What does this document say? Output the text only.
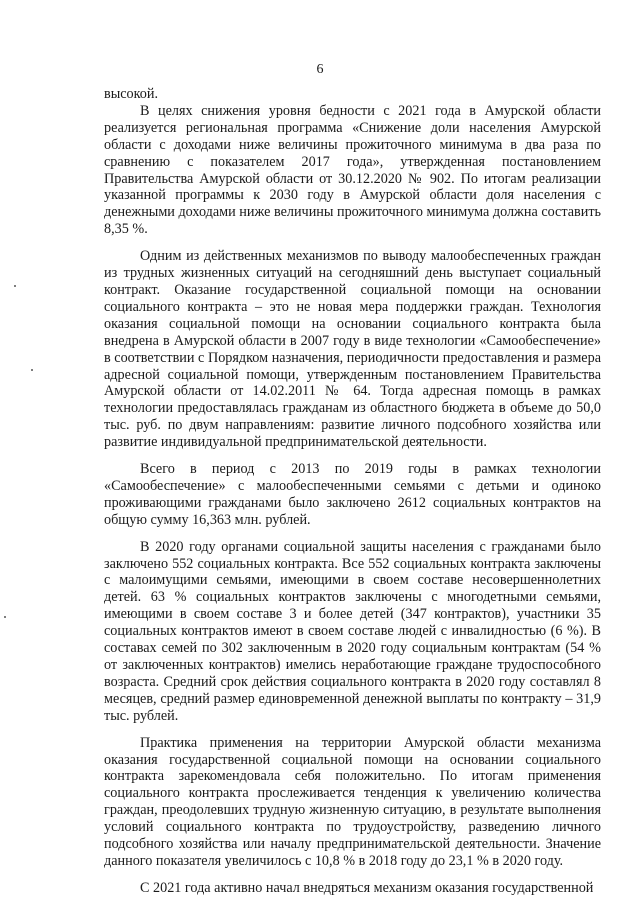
6

высокой.

В целях снижения уровня бедности с 2021 года в Амурской области реализуется региональная программа «Снижение доли населения Амурской области с доходами ниже величины прожиточного минимума в два раза по сравнению с показателем 2017 года», утвержденная постановлением Правительства Амурской области от 30.12.2020 № 902. По итогам реализации указанной программы к 2030 году в Амурской области доля населения с денежными доходами ниже величины прожиточного минимума должна составить 8,35 %.

Одним из действенных механизмов по выводу малообеспеченных граждан из трудных жизненных ситуаций на сегодняшний день выступает социальный контракт. Оказание государственной социальной помощи на основании социального контракта – это не новая мера поддержки граждан. Технология оказания социальной помощи на основании социального контракта была внедрена в Амурской области в 2007 году в виде технологии «Самообеспечение» в соответствии с Порядком назначения, периодичности предоставления и размера адресной социальной помощи, утвержденным постановлением Правительства Амурской области от 14.02.2011 № 64. Тогда адресная помощь в рамках технологии предоставлялась гражданам из областного бюджета в объеме до 50,0 тыс. руб. по двум направлениям: развитие личного подсобного хозяйства или развитие индивидуальной предпринимательской деятельности.

Всего в период с 2013 по 2019 годы в рамках технологии «Самообеспечение» с малообеспеченными семьями с детьми и одиноко проживающими гражданами было заключено 2612 социальных контрактов на общую сумму 16,363 млн. рублей.

В 2020 году органами социальной защиты населения с гражданами было заключено 552 социальных контракта. Все 552 социальных контракта заключены с малоимущими семьями, имеющими в своем составе несовершеннолетних детей. 63 % социальных контрактов заключены с многодетными семьями, имеющими в своем составе 3 и более детей (347 контрактов), участники 35 социальных контрактов имеют в своем составе людей с инвалидностью (6 %). В составах семей по 302 заключенным в 2020 году социальным контрактам (54 % от заключенных контрактов) имелись неработающие граждане трудоспособного возраста. Средний срок действия социального контракта в 2020 году составлял 8 месяцев, средний размер единовременной денежной выплаты по контракту – 31,9 тыс. рублей.

Практика применения на территории Амурской области механизма оказания государственной социальной помощи на основании социального контракта зарекомендовала себя положительно. По итогам применения социального контракта прослеживается тенденция к увеличению количества граждан, преодолевших трудную жизненную ситуацию, в результате выполнения условий социального контракта по трудоустройству, разведению личного подсобного хозяйства или началу предпринимательской деятельности. Значение данного показателя увеличилось с 10,8 % в 2018 году до 23,1 % в 2020 году.

С 2021 года активно начал внедряться механизм оказания государственной
